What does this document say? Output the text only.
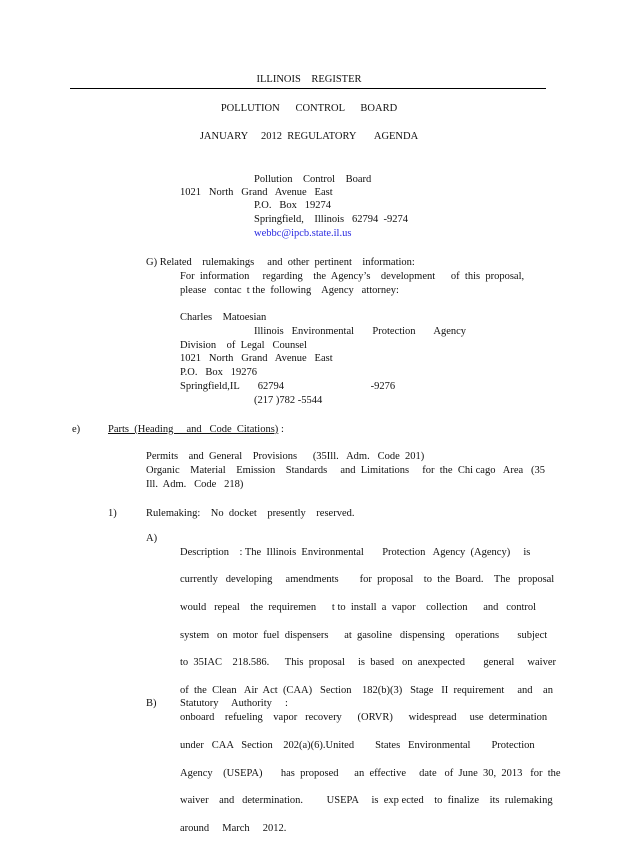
ILLINOIS    REGISTER
POLLUTION      CONTROL      BOARD
JANUARY     2012  REGULATORY       AGENDA
Pollution    Control    Board
1021   North   Grand   Avenue   East
P.O.   Box   19274
Springfield,    Illinois   62794  -9274
webbc@ipcb.state.il.us
G) Related    rulemakings     and  other  pertinent    information:
For  information     regarding    the  Agency’s    development      of  this  proposal,
please   contac  t the  following    Agency   attorney:
Charles    Matoesian
Illinois   Environmental       Protection       Agency
Division    of  Legal   Counsel
1021   North   Grand   Avenue   East
P.O.   Box   19276
Springfield,IL       62794                                 -9276
(217 )782 -5544
e)	Parts  (Heading     and   Code  Citations) :
Permits    and  General    Provisions      (35Ill.   Adm.   Code  201)
Organic    Material    Emission    Standards     and  Limitations     for  the  Chi cago   Area   (35
Ill.  Adm.   Code   218)
1)	Rulemaking:    No  docket    presently    reserved.
A)

Description    : The  Illinois  Environmental       Protection   Agency  (Agency)     is

currently   developing     amendments        for  proposal    to  the  Board.    The   proposal

would   repeal    the  requiremen      t to  install  a  vapor    collection      and   control

system   on  motor  fuel  dispensers      at  gasoline   dispensing    operations       subject

to  35IAC    218.586.      This  proposal     is  based   on  anexpected       general     waiver

of  the  Clean   Air  Act  (CAA)   Section    182(b)(3)   Stage   II  requirement     and    an

onboard    refueling    vapor   recovery      (ORVR)      widespread     use  determination

under   CAA   Section    202(a)(6).United        States   Environmental        Protection

Agency    (USEPA)       has  proposed      an  effective     date   of  June  30,  2013   for  the

waiver    and   determination.         USEPA     is  exp ected    to  finalize    its  rulemaking

around     March     2012.

B) Statutory     Authority     :
